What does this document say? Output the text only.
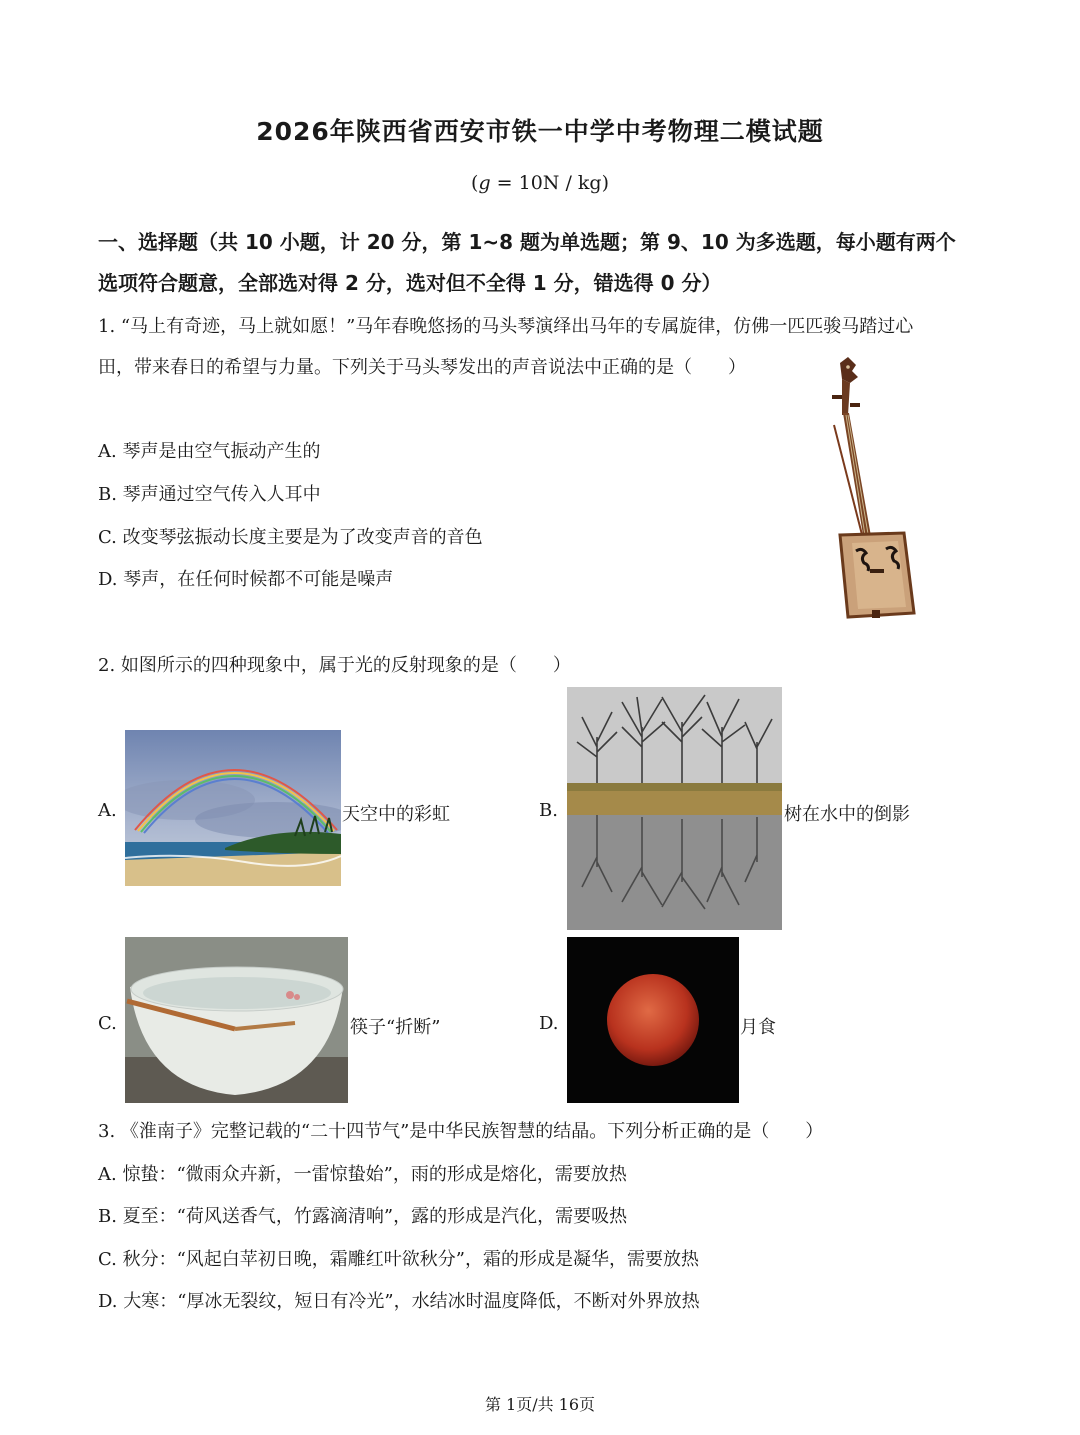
2026年陕西省西安市铁一中学中考物理二模试题
(g = 10N / kg)
一、选择题（共 10 小题，计 20 分，第 1~8 题为单选题；第 9、10 为多选题，每小题有两个
选项符合题意，全部选对得 2 分，选对但不全得 1 分，错选得 0 分）
1. “马上有奇迹，马上就如愿！”马年春晚悠扬的马头琴演绎出马年的专属旋律，仿佛一匹匹骏马踏过心
田，带来春日的希望与力量。下列关于马头琴发出的声音说法中正确的是（　　）
A. 琴声是由空气振动产生的
B. 琴声通过空气传入人耳中
C. 改变琴弦振动长度主要是为了改变声音的音色
D. 琴声，在任何时候都不可能是噪声
2. 如图所示的四种现象中，属于光的反射现象的是（　　）
A.	天空中的彩虹	B.	树在水中的倒影
C.	筷子“折断”	D.	月食
3. 《淮南子》完整记载的“二十四节气”是中华民族智慧的结晶。下列分析正确的是（　　）
A. 惊蛰：“微雨众卉新，一雷惊蛰始”，雨的形成是熔化，需要放热
B. 夏至：“荷风送香气，竹露滴清响”，露的形成是汽化，需要吸热
C. 秋分：“风起白苹初日晚，霜雕红叶欲秋分”，霜的形成是凝华，需要放热
D. 大寒：“厚冰无裂纹，短日有冷光”，水结冰时温度降低，不断对外界放热
第 1页/共 16页
